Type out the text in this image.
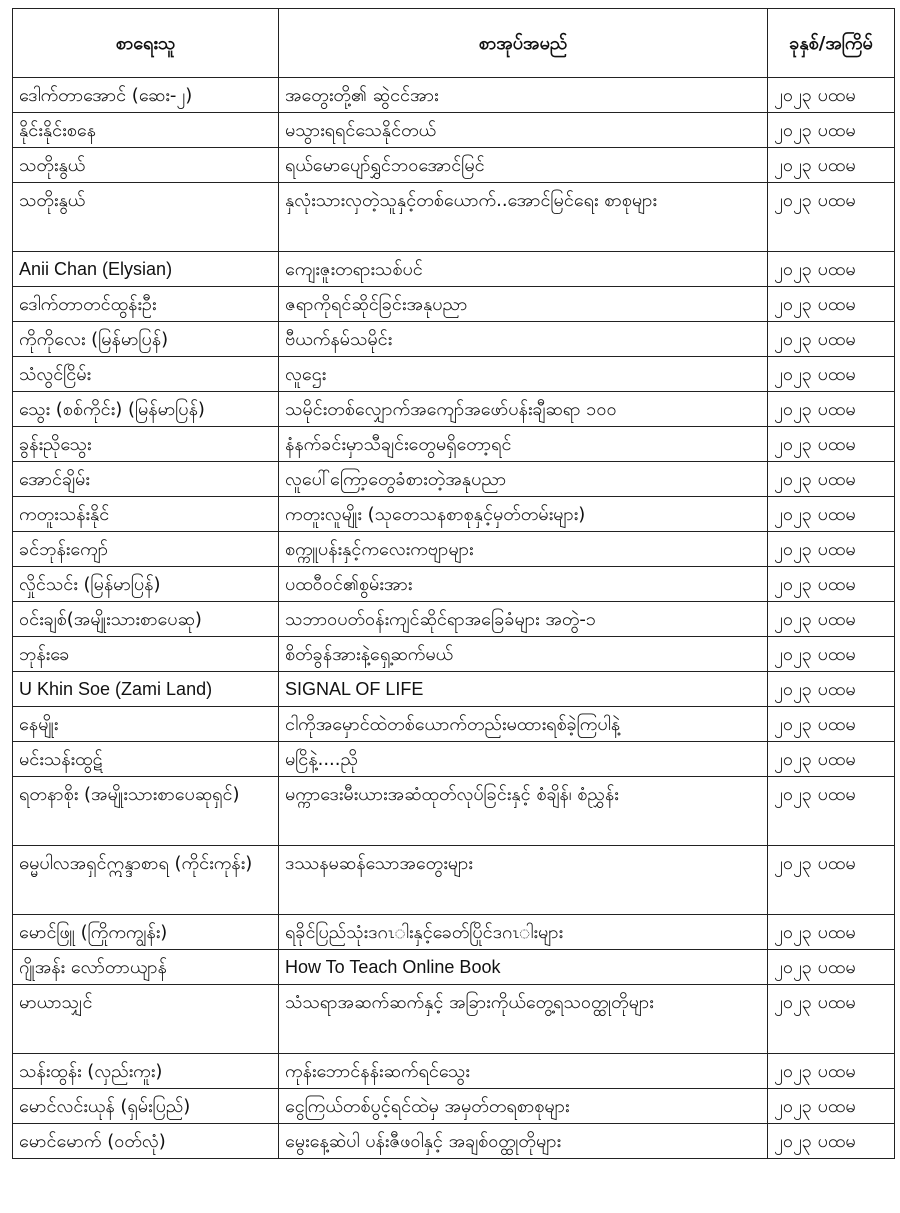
စာရေးသူ	စာအုပ်အမည်	ခုနှစ်/အကြိမ်
ဒေါက်တာအောင် (ဆေး-၂)	အတွေးတို့၏ ဆွဲငင်အား	၂၀၂၃ ပထမ
နိုင်းနိုင်းစနေ	မသွားရရင်သေနိုင်တယ်	၂၀၂၃ ပထမ
သတိုးနွယ်	ရယ်မောပျော်ရွှင်ဘဝအောင်မြင်	၂၀၂၃ ပထမ
သတိုးနွယ်	နှလုံးသားလှတဲ့သူနှင့်တစ်ယောက်..အောင်မြင်ရေး စာစုများ	၂၀၂၃ ပထမ
Anii Chan (Elysian)	ကျေးဇူးတရားသစ်ပင်	၂၀၂၃ ပထမ
ဒေါက်တာတင်ထွန်းဦး	ဇရာကိုရင်ဆိုင်ခြင်းအနုပညာ	၂၀၂၃ ပထမ
ကိုကိုလေး (မြန်မာပြန်)	ဗီယက်နမ်သမိုင်း	၂၀၂၃ ပထမ
သံလွင်ငြိမ်း	လူဌေး	၂၀၂၃ ပထမ
သွေး (စစ်ကိုင်း) (မြန်မာပြန်)	သမိုင်းတစ်လျှောက်အကျော်အဖော်ပန်းချီဆရာ ၁၀၀	၂၀၂၃ ပထမ
ခွန်းညိုသွေး	နံနက်ခင်းမှာသီချင်းတွေမရှိတော့ရင်	၂၀၂၃ ပထမ
အောင်ချိမ်း	လူပေါ်ကြော့တွေခံစားတဲ့အနုပညာ	၂၀၂၃ ပထမ
ကတူးသန်းနိုင်	ကတူးလူမျိုး (သုတေသနစာစုနှင့်မှတ်တမ်းများ)	၂၀၂၃ ပထမ
ခင်ဘုန်းကျော်	စက္ကူပန်းနှင့်ကလေးကဗျာများ	၂၀၂၃ ပထမ
လှိုင်သင်း (မြန်မာပြန်)	ပထဝီဝင်၏စွမ်းအား	၂၀၂၃ ပထမ
ဝင်းချစ်(အမျိုးသားစာပေဆု)	သဘာဝပတ်ဝန်းကျင်ဆိုင်ရာအခြေခံများ အတွဲ-၁	၂၀၂၃ ပထမ
ဘုန်းခေ	စိတ်ခွန်အားနဲ့ရှေ့ဆက်မယ်	၂၀၂၃ ပထမ
U Khin Soe (Zami Land)	SIGNAL OF LIFE	၂၀၂၃ ပထမ
နေမျိုး	ငါကိုအမှောင်ထဲတစ်ယောက်တည်းမထားရစ်ခဲ့ကြပါနဲ့	၂၀၂၃ ပထမ
မင်းသန်းထွဋ်	မငြိနဲ့....ညို	၂၀၂၃ ပထမ
ရတနာစိုး (အမျိုးသားစာပေဆုရှင်)	မက္ကာဒေးမီးယားအဆံထုတ်လုပ်ခြင်းနှင့် စံချိန်၊ စံညွှန်း	၂၀၂၃ ပထမ
ဓမ္မပါလအရှင်ဣန္ဒာစာရ (ကိုင်းကုန်း)	ဒဿနမဆန်သောအတွေးများ	၂၀၂၃ ပထမ
မောင်ဖြူ (ကြိုကကျွန်း)	ရခိုင်ပြည်သုံးဒဂၤါးနှင့်ခေတ်ပြိုင်ဒဂၤါးများ	၂၀၂၃ ပထမ
ဂျိုအန်း လော်တာယျာန်	How To Teach Online Book	၂၀၂၃ ပထမ
မာယာသျှင်	သံသရာအဆက်ဆက်နှင့် အခြားကိုယ်တွေ့ရသဝတ္ထုတိုများ	၂၀၂၃ ပထမ
သန်းထွန်း (လှည်းကူး)	ကုန်းဘောင်နန်းဆက်ရင်သွေး	၂၀၂၃ ပထမ
မောင်လင်းယုန် (ရှမ်းပြည်)	ငွေကြယ်တစ်ပွင့်ရင်ထဲမှ အမှတ်တရစာစုများ	၂၀၂၃ ပထမ
မောင်မောက် (ဝတ်လုံ)	မွေးနေ့ဆဲပါ ပန်းဇီဖဝါနှင့် အချစ်ဝတ္ထုတိုများ	၂၀၂၃ ပထမ
